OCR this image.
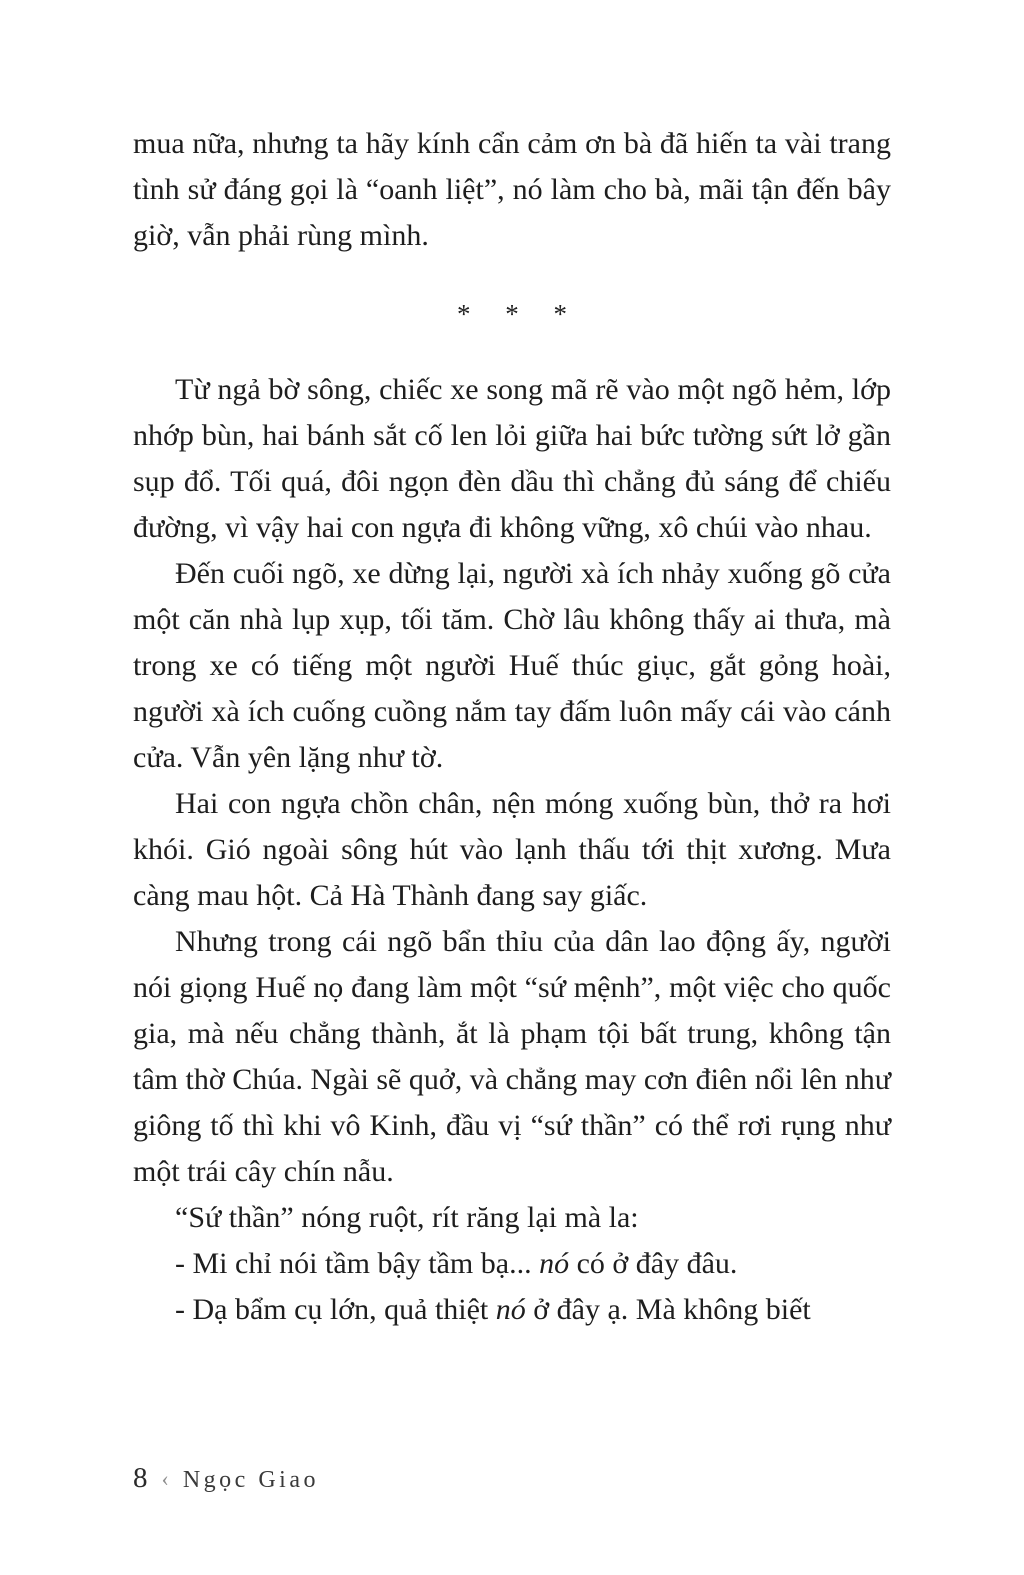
mua nữa, nhưng ta hãy kính cẩn cảm ơn bà đã hiến ta vài trang tình sử đáng gọi là “oanh liệt”, nó làm cho bà, mãi tận đến bây giờ, vẫn phải rùng mình.

* * *

Từ ngả bờ sông, chiếc xe song mã rẽ vào một ngõ hẻm, lớp nhớp bùn, hai bánh sắt cố len lỏi giữa hai bức tường sứt lở gần sụp đổ. Tối quá, đôi ngọn đèn dầu thì chẳng đủ sáng để chiếu đường, vì vậy hai con ngựa đi không vững, xô chúi vào nhau.

Đến cuối ngõ, xe dừng lại, người xà ích nhảy xuống gõ cửa một căn nhà lụp xụp, tối tăm. Chờ lâu không thấy ai thưa, mà trong xe có tiếng một người Huế thúc giục, gắt gỏng hoài, người xà ích cuống cuồng nắm tay đấm luôn mấy cái vào cánh cửa. Vẫn yên lặng như tờ.

Hai con ngựa chồn chân, nện móng xuống bùn, thở ra hơi khói. Gió ngoài sông hút vào lạnh thấu tới thịt xương. Mưa càng mau hột. Cả Hà Thành đang say giấc.

Nhưng trong cái ngõ bẩn thỉu của dân lao động ấy, người nói giọng Huế nọ đang làm một “sứ mệnh”, một việc cho quốc gia, mà nếu chẳng thành, ắt là phạm tội bất trung, không tận tâm thờ Chúa. Ngài sẽ quở, và chẳng may cơn điên nổi lên như giông tố thì khi vô Kinh, đầu vị “sứ thần” có thể rơi rụng như một trái cây chín nẫu.

“Sứ thần” nóng ruột, rít răng lại mà la:

- Mi chỉ nói tầm bậy tầm bạ... nó có ở đây đâu.

- Dạ bẩm cụ lớn, quả thiệt nó ở đây ạ. Mà không biết

8 ‹ Ngọc Giao
